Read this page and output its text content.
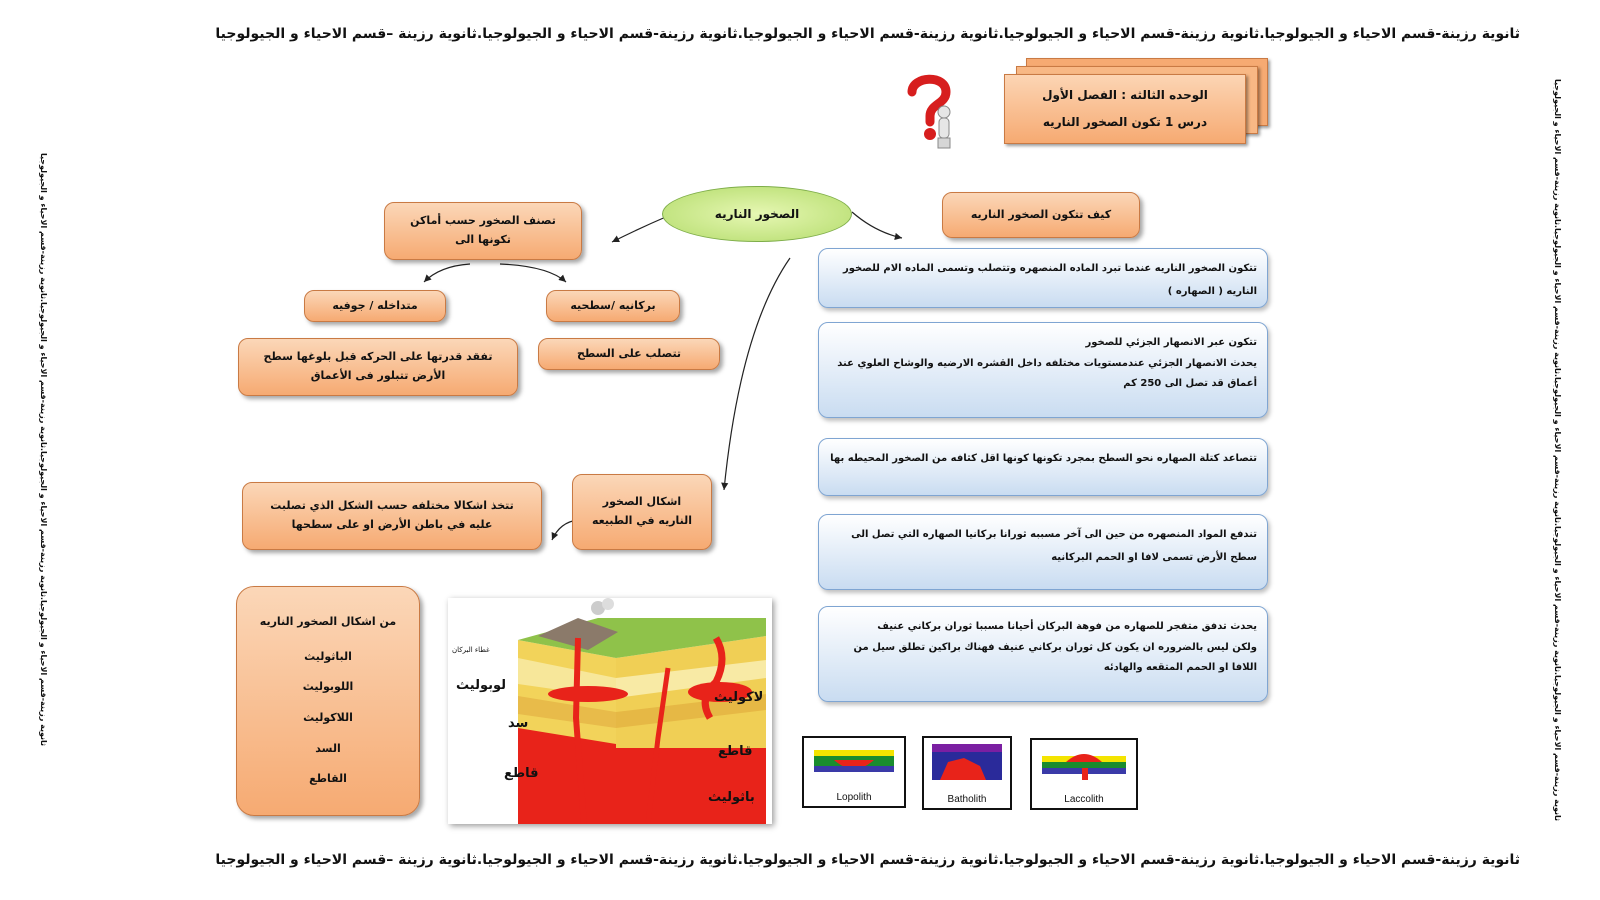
ثانوية رزينة-قسم الاحياء و الجيولوجيا.ثانوية رزينة-قسم الاحياء و الجيولوجيا.ثانوية رزينة-قسم الاحياء و الجيولوجيا.ثانوية رزينة-قسم الاحياء و الجيولوجيا.ثانوية رزينة –قسم الاحياء و الجيولوجيا
ثانوية رزينة-قسم الاحياء و الجيولوجيا.ثانوية رزينة-قسم الاحياء و الجيولوجيا.ثانوية رزينة-قسم الاحياء و الجيولوجيا.ثانوية رزينة-قسم الاحياء و الجيولوجيا.ثانوية رزينة –قسم الاحياء و الجيولوجيا
ثانوية رزينة-قسم الاحياء و الجيولوجيا.ثانوية رزينة-قسم الاحياء و الجيولوجيا.ثانوية رزينة-قسم الاحياء و الجيولوجيا.ثانوية رزينة-قسم الاحياء و الجيولوجيا	ثانوية رزينة-قسم الاحياء و الجيولوجيا.ثانوية رزينة-قسم الاحياء و الجيولوجيا.ثانوية رزينة-قسم الاحياء و الجيولوجيا.ثانوية رزينة-قسم الاحياء و الجيولوجيا.ثانوية رزينة-قسم الاحياء و الجيولوجيا
الوحده الثالثه : الفصل الأول
درس 1 تكون الصخور الناريه
الصخور الناريه
تصنف الصخور حسب أماكن تكونها الى
بركانيه /سطحيه
متداخله / جوفيه
تتصلب على السطح
تفقد قدرتها على الحركه قبل بلوغها سطح الأرض تتبلور فى الأعماق
اشكال الصخور الناريه في الطبيعه
تتخذ اشكالا مختلفه حسب الشكل الذي تصلبت عليه في باطن الأرض او على سطحها
من اشكال الصخور الناريه
الباثوليث
اللوبوليث
اللاكوليث
السد
القاطع
لوبوليث
سد
قاطع
لاكوليث
قاطع
باثوليث
غطاء البركان
Lopolith	Batholith	Laccolith
كيف تتكون الصخور الناريه

تتكون الصخور الناريه عندما تبرد الماده المنصهره وتتصلب وتسمى الماده الام للصخور الناريه ( الصهاره )

تتكون عبر الانصهار الجزئي للصخور

يحدث الانصهار الجزئي عندمستويات مختلفه داخل القشره الارضيه والوشاح العلوي عند أعماق قد تصل الى 250 كم

تتصاعد كتلة الصهاره نحو السطح بمجرد تكونها كونها اقل كثافه من الصخور المحيطه بها

تندفع المواد المنصهره من حين الى آخر مسببه ثورانا بركانيا الصهاره التي تصل الى سطح الأرض تسمى لافا او الحمم البركانيه

يحدث تدفق متفجر للصهاره من فوهة البركان أحيانا مسببا ثوران بركاني عنيف

ولكن ليس بالضروره ان يكون كل ثوران بركاني عنيف فهناك براكين تطلق سيل من اللافا او الحمم المتقعه والهادئه
